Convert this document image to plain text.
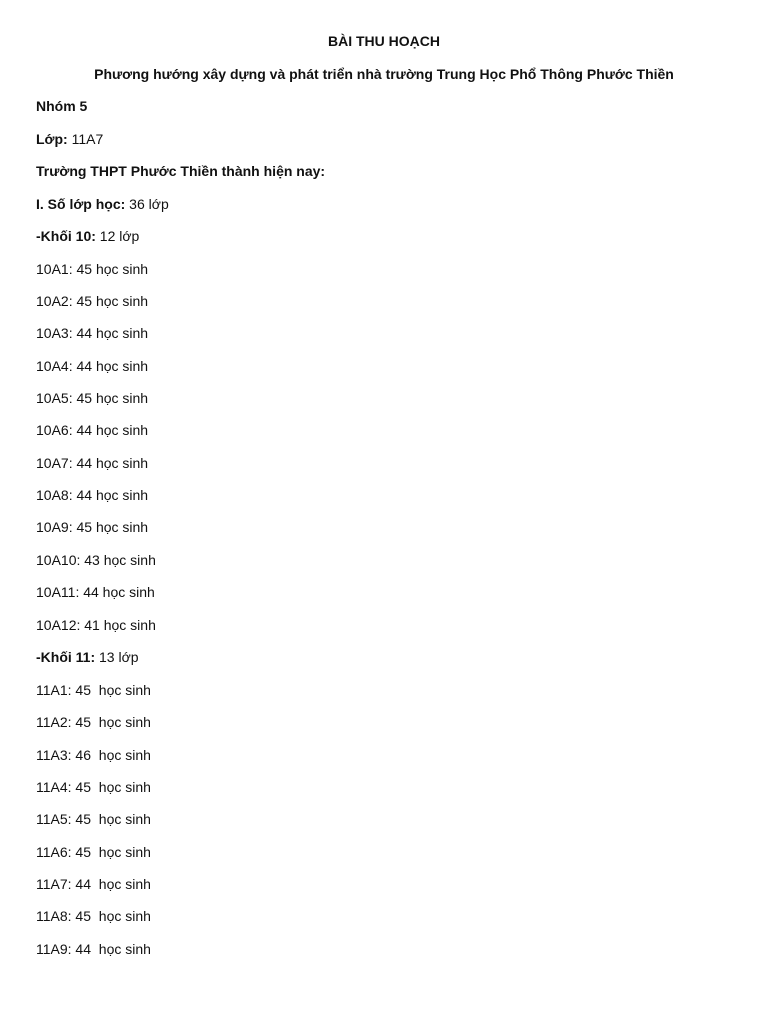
BÀI THU HOẠCH
Phương hướng xây dựng và phát triển nhà trường Trung Học Phổ Thông Phước Thiền
Nhóm 5
Lớp: 11A7
Trường THPT Phước Thiền thành hiện nay:
I. Số lớp học: 36 lớp
-Khối 10: 12 lớp
10A1: 45 học sinh
10A2: 45 học sinh
10A3: 44 học sinh
10A4: 44 học sinh
10A5: 45 học sinh
10A6: 44 học sinh
10A7: 44 học sinh
10A8: 44 học sinh
10A9: 45 học sinh
10A10: 43 học sinh
10A11: 44 học sinh
10A12: 41 học sinh
-Khối 11: 13 lớp
11A1: 45  học sinh
11A2: 45  học sinh
11A3: 46  học sinh
11A4: 45  học sinh
11A5: 45  học sinh
11A6: 45  học sinh
11A7: 44  học sinh
11A8: 45  học sinh
11A9: 44  học sinh
